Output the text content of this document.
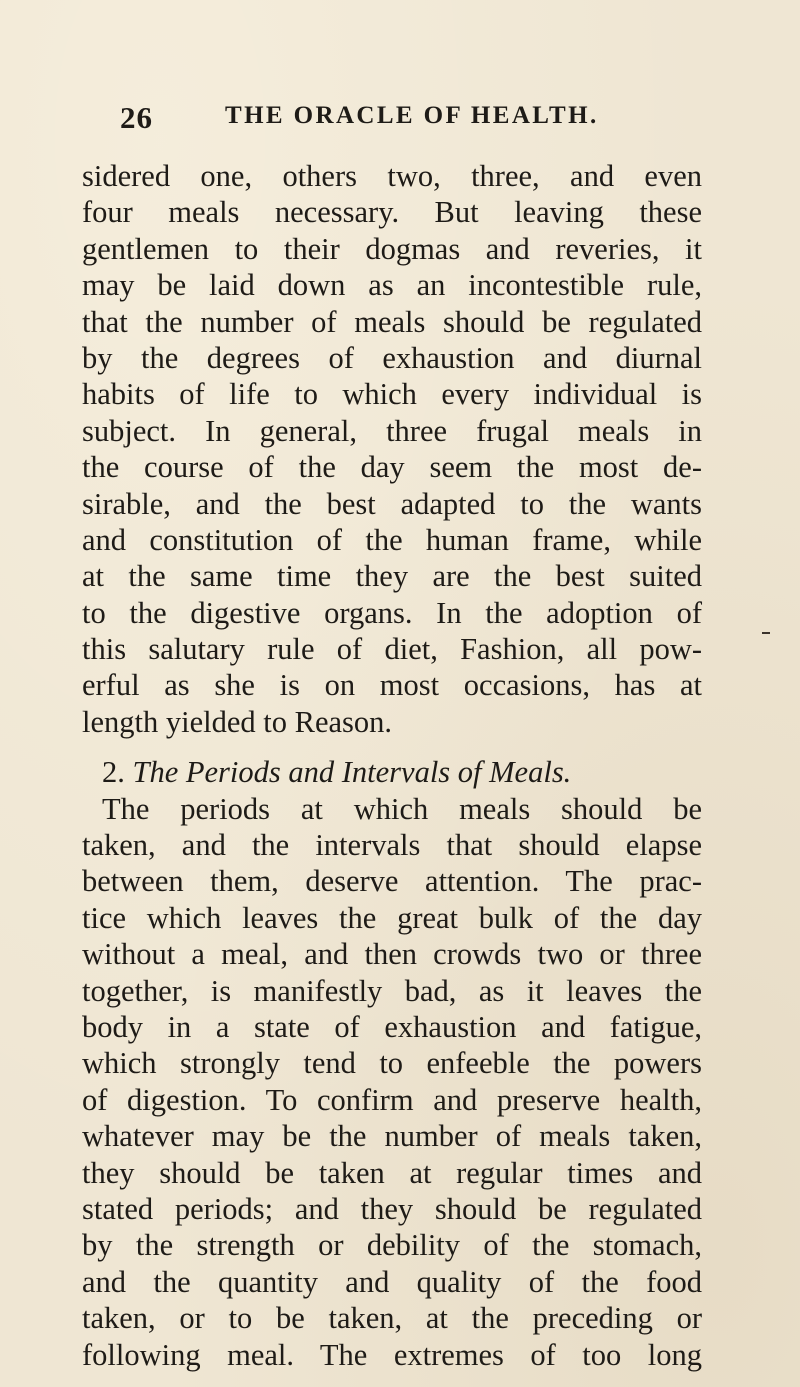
26	THE ORACLE OF HEALTH.
sidered one, others two, three, and even
four meals necessary. But leaving these
gentlemen to their dogmas and reveries, it
may be laid down as an incontestible rule,
that the number of meals should be regulated
by the degrees of exhaustion and diurnal
habits of life to which every individual is
subject. In general, three frugal meals in
the course of the day seem the most de-
sirable, and the best adapted to the wants
and constitution of the human frame, while
at the same time they are the best suited
to the digestive organs. In the adoption of
this salutary rule of diet, Fashion, all pow-
erful as she is on most occasions, has at
length yielded to Reason.
2. The Periods and Intervals of Meals.
The periods at which meals should be
taken, and the intervals that should elapse
between them, deserve attention. The prac-
tice which leaves the great bulk of the day
without a meal, and then crowds two or three
together, is manifestly bad, as it leaves the
body in a state of exhaustion and fatigue,
which strongly tend to enfeeble the powers
of digestion. To confirm and preserve health,
whatever may be the number of meals taken,
they should be taken at regular times and
stated periods; and they should be regulated
by the strength or debility of the stomach,
and the quantity and quality of the food
taken, or to be taken, at the preceding or
following meal. The extremes of too long
